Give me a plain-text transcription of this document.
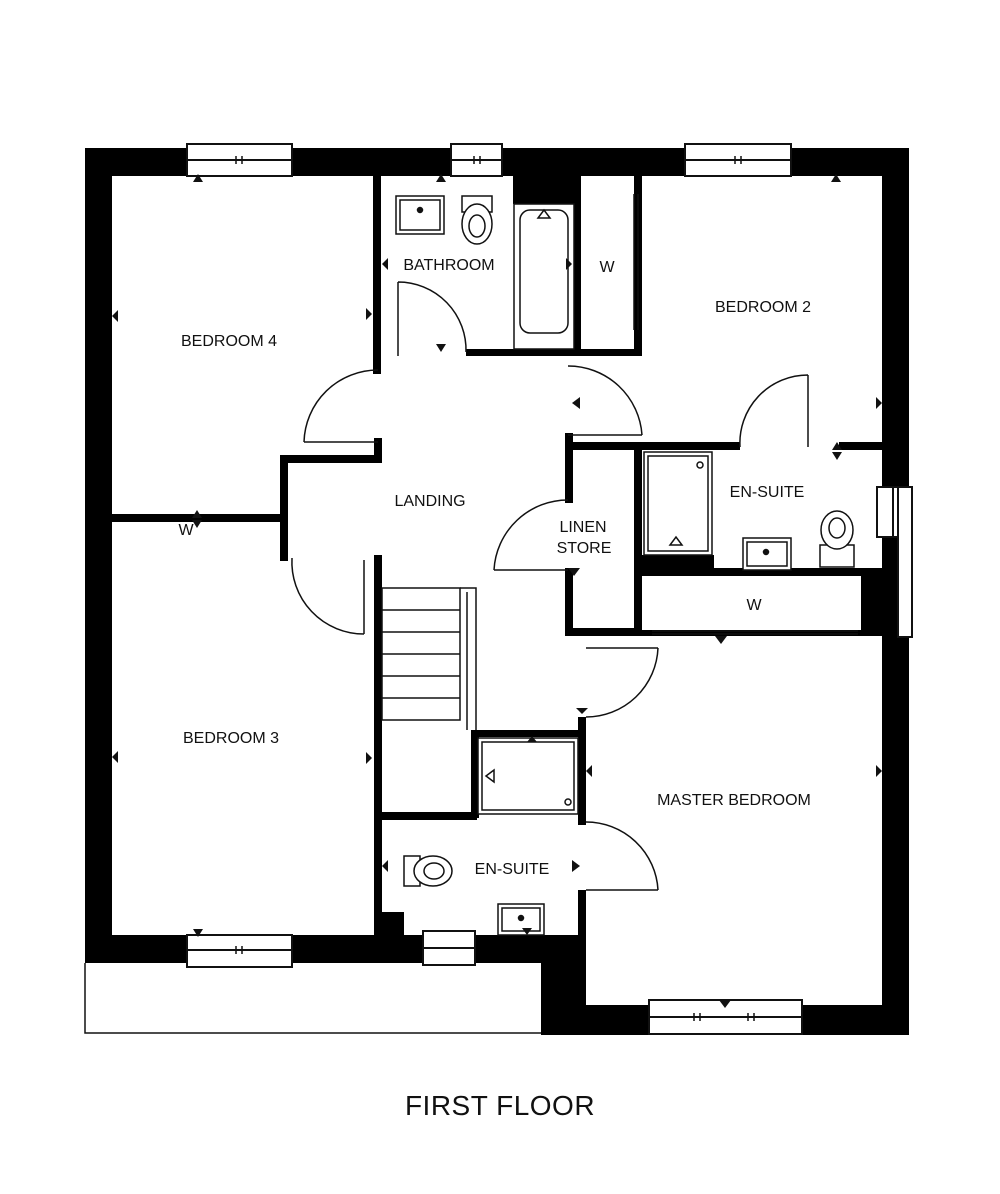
BEDROOM 4
BATHROOM
BEDROOM 2
LANDING
LINEN
STORE
EN-SUITE
BEDROOM 3
MASTER BEDROOM
EN-SUITE
W
W
W
FIRST FLOOR
